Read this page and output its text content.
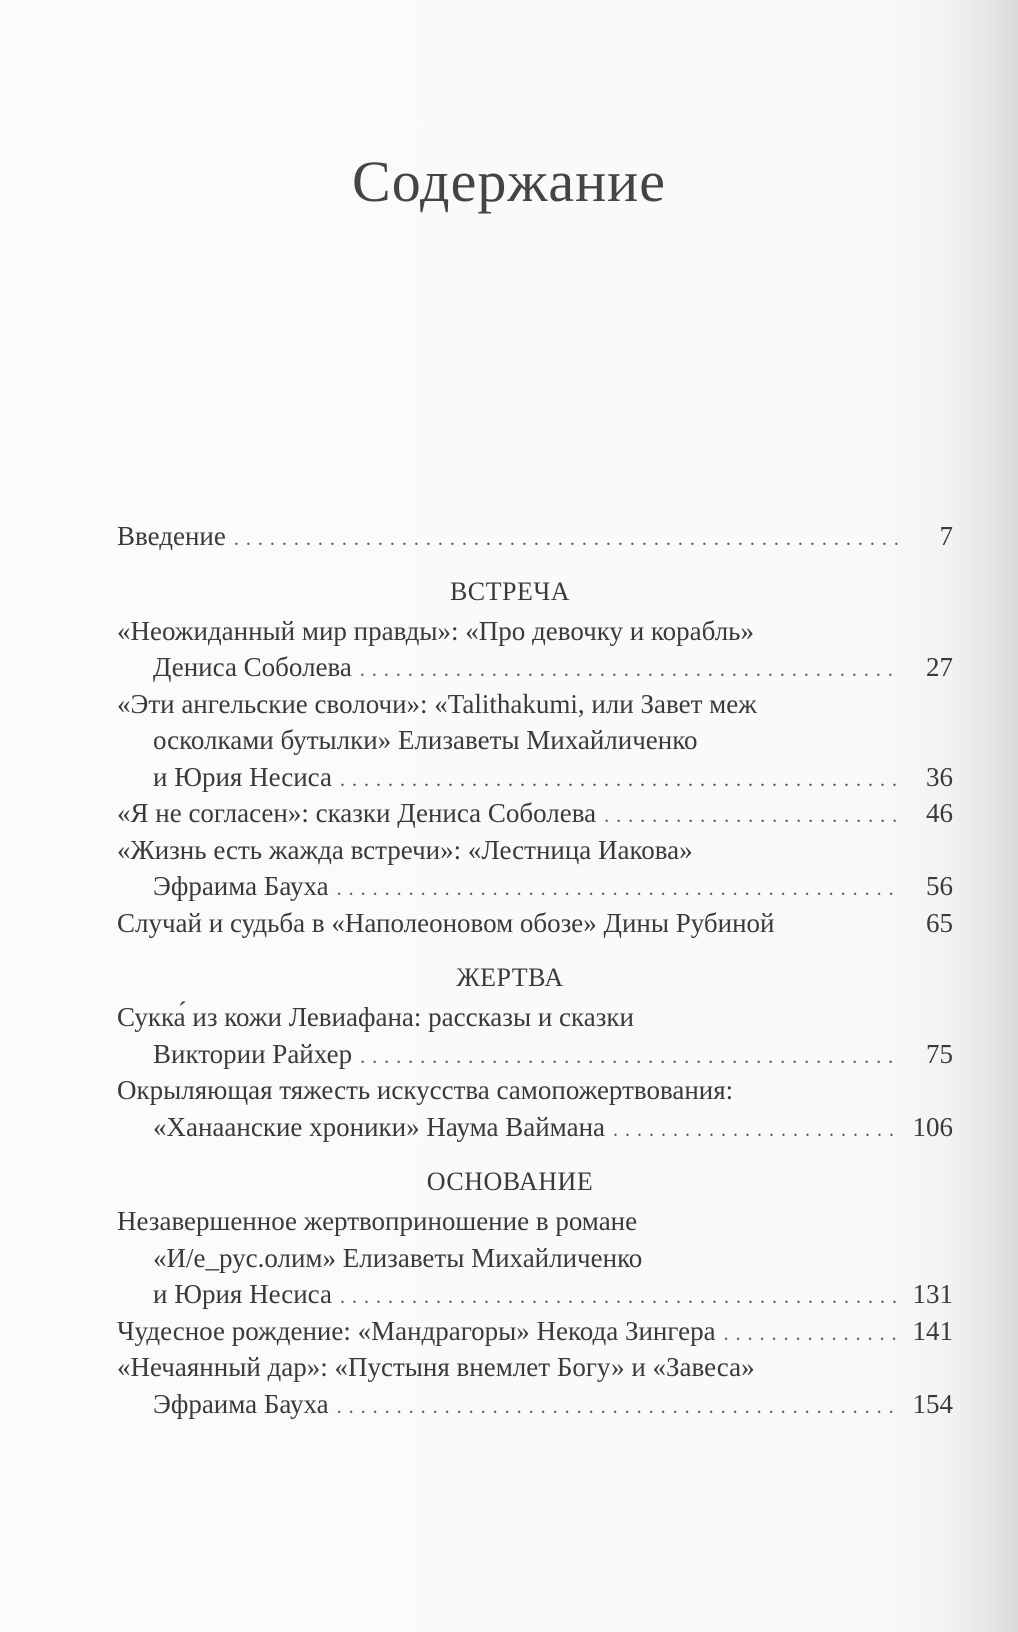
Содержание
Введение . . .	7
ВСТРЕЧА
«Неожиданный мир правды»: «Про девочку и корабль»
Дениса Соболева . . .	27
«Эти ангельские сволочи»: «Talithakumi, или Завет меж
осколками бутылки» Елизаветы Михайличенко
и Юрия Несиса . . .	36
«Я не согласен»: сказки Дениса Соболева . . .	46
«Жизнь есть жажда встречи»: «Лестница Иакова»
Эфраима Бауха . . .	56
Случай и судьба в «Наполеоновом обозе» Дины Рубиной	65
ЖЕРТВА
Сукка́ из кожи Левиафана: рассказы и сказки
Виктории Райхер . . .	75
Окрыляющая тяжесть искусства самопожертвования:
«Ханаанские хроники» Наума Ваймана . . .	106
ОСНОВАНИЕ
Незавершенное жертвоприношение в романе
«И/е_рус.олим» Елизаветы Михайличенко
и Юрия Несиса . . .	131
Чудесное рождение: «Мандрагоры» Некода Зингера . . .	141
«Нечаянный дар»: «Пустыня внемлет Богу» и «Завеса»
Эфраима Бауха . . .	154
